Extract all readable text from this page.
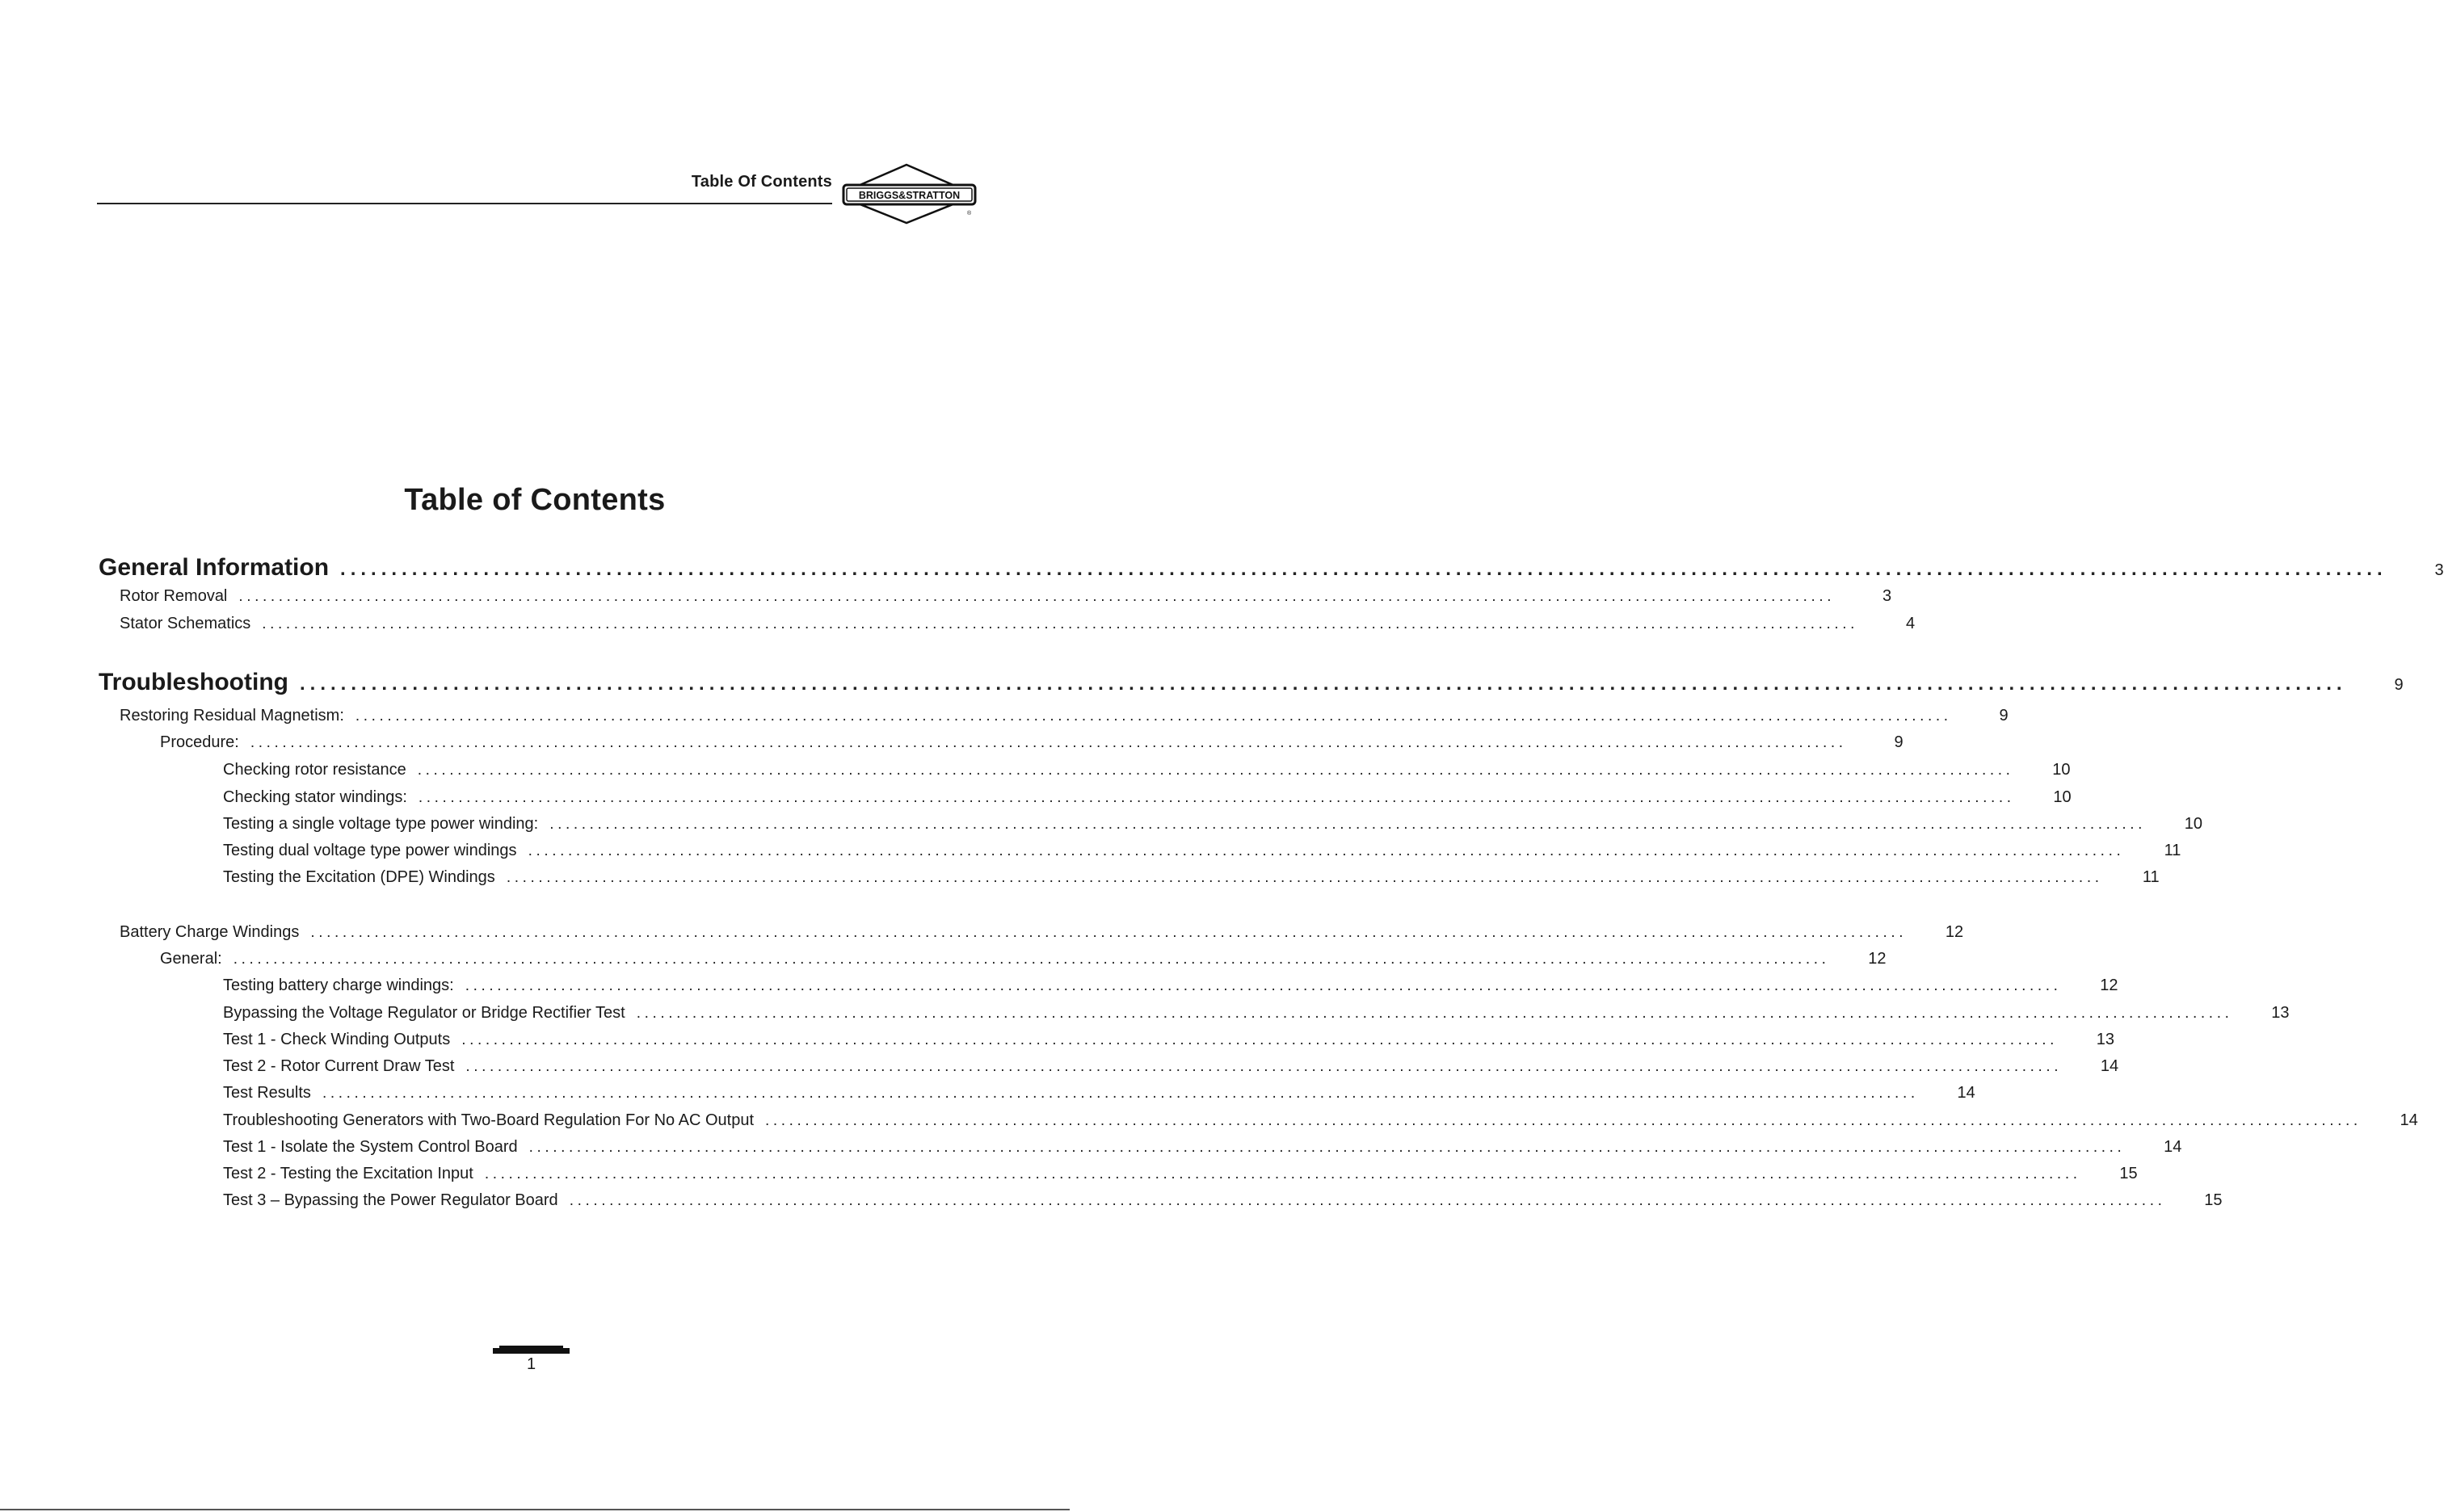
Table Of Contents
BRIGGS&STRATTON
®
Table of Contents
General Information ........................................................................................................................................................................................................	3
Rotor Removal ........................................................................................................................................................................................................	3
Stator Schematics ........................................................................................................................................................................................................	4
Troubleshooting ........................................................................................................................................................................................................	9
Restoring Residual Magnetism: ........................................................................................................................................................................................................	9
Procedure: ........................................................................................................................................................................................................	9
Checking rotor resistance ........................................................................................................................................................................................................	10
Checking stator windings: ........................................................................................................................................................................................................	10
Testing a single voltage type power winding: ........................................................................................................................................................................................................	10
Testing dual voltage type power windings ........................................................................................................................................................................................................	11
Testing the Excitation (DPE) Windings ........................................................................................................................................................................................................	11
Battery Charge Windings ........................................................................................................................................................................................................	12
General: ........................................................................................................................................................................................................	12
Testing battery charge windings: ........................................................................................................................................................................................................	12
Bypassing the Voltage Regulator or Bridge Rectifier Test ........................................................................................................................................................................................................	13
Test 1 - Check Winding Outputs ........................................................................................................................................................................................................	13
Test 2 - Rotor Current Draw Test ........................................................................................................................................................................................................	14
Test Results ........................................................................................................................................................................................................	14
Troubleshooting Generators with Two-Board Regulation For No AC Output ........................................................................................................................................................................................................	14
Test 1 - Isolate the System Control Board ........................................................................................................................................................................................................	14
Test 2 - Testing the Excitation Input ........................................................................................................................................................................................................	15
Test 3 – Bypassing the Power Regulator Board ........................................................................................................................................................................................................	15
1
